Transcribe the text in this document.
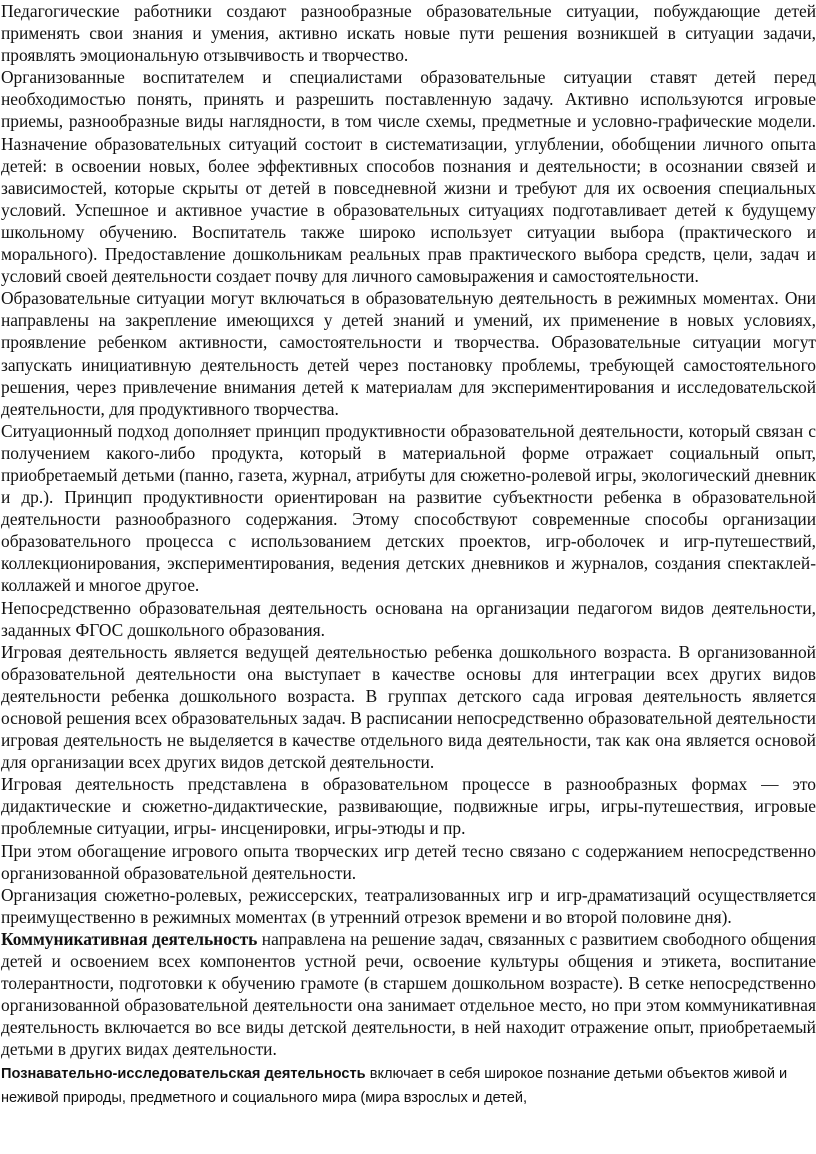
Педагогические работники создают разнообразные образовательные ситуации, побуждающие детей применять свои знания и умения, активно искать новые пути решения возникшей в ситуации задачи, проявлять эмоциональную отзывчивость и творчество.

Организованные воспитателем и специалистами образовательные ситуации ставят детей перед необходимостью понять, принять и разрешить поставленную задачу. Активно используются игровые приемы, разнообразные виды наглядности, в том числе схемы, предметные и условно-графические модели. Назначение образовательных ситуаций состоит в систематизации, углублении, обобщении личного опыта детей: в освоении новых, более эффективных способов познания и деятельности; в осознании связей и зависимостей, которые скрыты от детей в повседневной жизни и требуют для их освоения специальных условий. Успешное и активное участие в образовательных ситуациях подготавливает детей к будущему школьному обучению. Воспитатель также широко использует ситуации выбора (практического и морального). Предоставление дошкольникам реальных прав практического выбора средств, цели, задач и условий своей деятельности создает почву для личного самовыражения и самостоятельности.

Образовательные ситуации могут включаться в образовательную деятельность в режимных моментах. Они направлены на закрепление имеющихся у детей знаний и умений, их применение в новых условиях, проявление ребенком активности, самостоятельности и творчества. Образовательные ситуации могут запускать инициативную деятельность детей через постановку проблемы, требующей самостоятельного решения, через привлечение внимания детей к материалам для экспериментирования и исследовательской деятельности, для продуктивного творчества.

Ситуационный подход дополняет принцип продуктивности образовательной деятельности, который связан с получением какого-либо продукта, который в материальной форме отражает социальный опыт, приобретаемый детьми (панно, газета, журнал, атрибуты для сюжетно-ролевой игры, экологический дневник и др.). Принцип продуктивности ориентирован на развитие субъектности ребенка в образовательной деятельности разнообразного содержания. Этому способствуют современные способы организации образовательного процесса с использованием детских проектов, игр-оболочек и игр-путешествий, коллекционирования, экспериментирования, ведения детских дневников и журналов, создания спектаклей-коллажей и многое другое.

Непосредственно образовательная деятельность основана на организации педагогом видов деятельности, заданных ФГОС дошкольного образования.

Игровая деятельность является ведущей деятельностью ребенка дошкольного возраста. В организованной образовательной деятельности она выступает в качестве основы для интеграции всех других видов деятельности ребенка дошкольного возраста. В группах детского сада игровая деятельность является основой решения всех образовательных задач. В расписании непосредственно образовательной деятельности игровая деятельность не выделяется в качестве отдельного вида деятельности, так как она является основой для организации всех других видов детской деятельности.

Игровая деятельность представлена в образовательном процессе в разнообразных формах — это дидактические и сюжетно-дидактические, развивающие, подвижные игры, игры-путешествия, игровые проблемные ситуации, игры- инсценировки, игры-этюды и пр.

При этом обогащение игрового опыта творческих игр детей тесно связано с содержанием непосредственно организованной образовательной деятельности.

Организация сюжетно-ролевых, режиссерских, театрализованных игр и игр-драматизаций осуществляется преимущественно в режимных моментах (в утренний отрезок времени и во второй половине дня).

Коммуникативная деятельность направлена на решение задач, связанных с развитием свободного общения детей и освоением всех компонентов устной речи, освоение культуры общения и этикета, воспитание толерантности, подготовки к обучению грамоте (в старшем дошкольном возрасте). В сетке непосредственно организованной образовательной деятельности она занимает отдельное место, но при этом коммуникативная деятельность включается во все виды детской деятельности, в ней находит отражение опыт, приобретаемый детьми в других видах деятельности.

Познавательно-исследовательская деятельность включает в себя широкое познание детьми объектов живой и неживой природы, предметного и социального мира (мира взрослых и детей,
